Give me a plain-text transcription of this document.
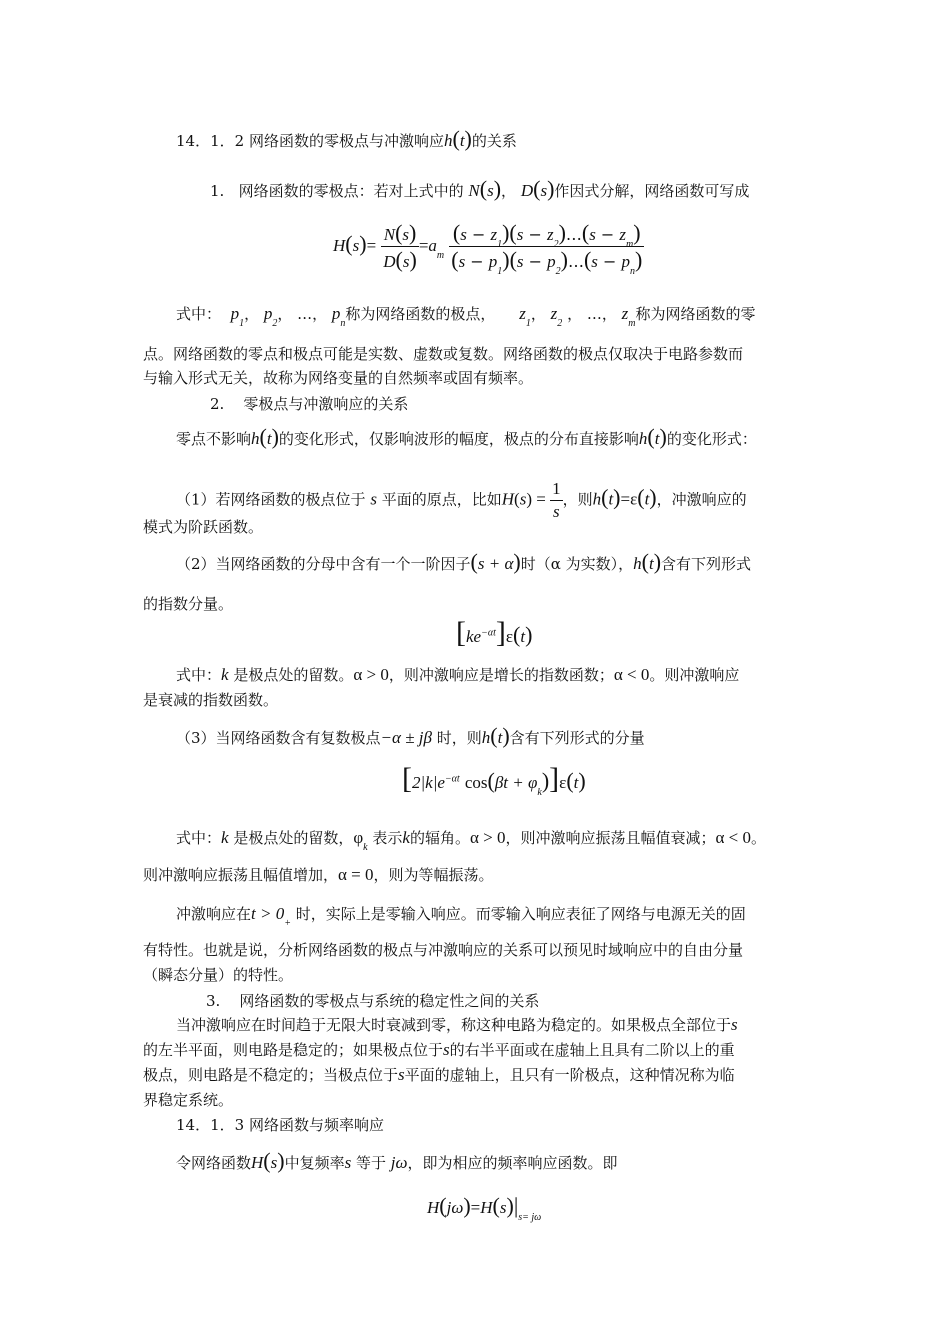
14．1．2 网络函数的零极点与冲激响应h(t)的关系
1. 网络函数的零极点：若对上式中的 N(s)， D(s)作因式分解，网络函数可写成
$H(s)= \frac{N(s)}{D(s)} =a_m \frac{(s - z_1)(s - z_2)\dots(s - z_m)}{(s - p_1)(s - p_2)\dots(s - p_n)}$
式中： $p_1$， $p_2$， …， $p_n$称为网络函数的极点， $z_1$， $z_2$ ， …， $z_m$称为网络函数的零
点。网络函数的零点和极点可能是实数、虚数或复数。网络函数的极点仅取决于电路参数而
与输入形式无关，故称为网络变量的自然频率或固有频率。
2. 零极点与冲激响应的关系
零点不影响h(t)的变化形式，仅影响波形的幅度，极点的分布直接影响h(t)的变化形式：
（1）若网络函数的极点位于 s 平面的原点，比如$H(s) = \frac{1}{s}$ ，则h(t)=ε(t)，冲激响应的
模式为阶跃函数。
（2）当网络函数的分母中含有一个一阶因子(s + α)时（α 为实数），h(t)含有下列形式
的指数分量。
$[ke^{-\alpha t}]\varepsilon(t)$
式中：k 是极点处的留数。α > 0，则冲激响应是增长的指数函数；α < 0。则冲激响应
是衰减的指数函数。
（3）当网络函数含有复数极点−α ± jβ 时，则h(t)含有下列形式的分量
[$2|k|e^{-\alpha t}$ $\cos(\beta t + \varphi_k)]\varepsilon(t)$
式中：k 是极点处的留数，$\varphi_k$ 表示k的辐角。α > 0，则冲激响应振荡且幅值衰减；α < 0。
则冲激响应振荡且幅值增加，α = 0，则为等幅振荡。
冲激响应在$t > 0_+$ 时，实际上是零输入响应。而零输入响应表征了网络与电源无关的固
有特性。也就是说，分析网络函数的极点与冲激响应的关系可以预见时域响应中的自由分量
（瞬态分量）的特性。
3. 网络函数的零极点与系统的稳定性之间的关系
当冲激响应在时间趋于无限大时衰减到零，称这种电路为稳定的。如果极点全部位于s
的左半平面，则电路是稳定的；如果极点位于s的右半平面或在虚轴上且具有二阶以上的重
极点，则电路是不稳定的；当极点位于s平面的虚轴上，且只有一阶极点，这种情况称为临
界稳定系统。
14．1．3 网络函数与频率响应
令网络函数H(s)中复频率s 等于 jω，即为相应的频率响应函数。即
$H(j\omega)=H(s)|_{s= j\omega}$
